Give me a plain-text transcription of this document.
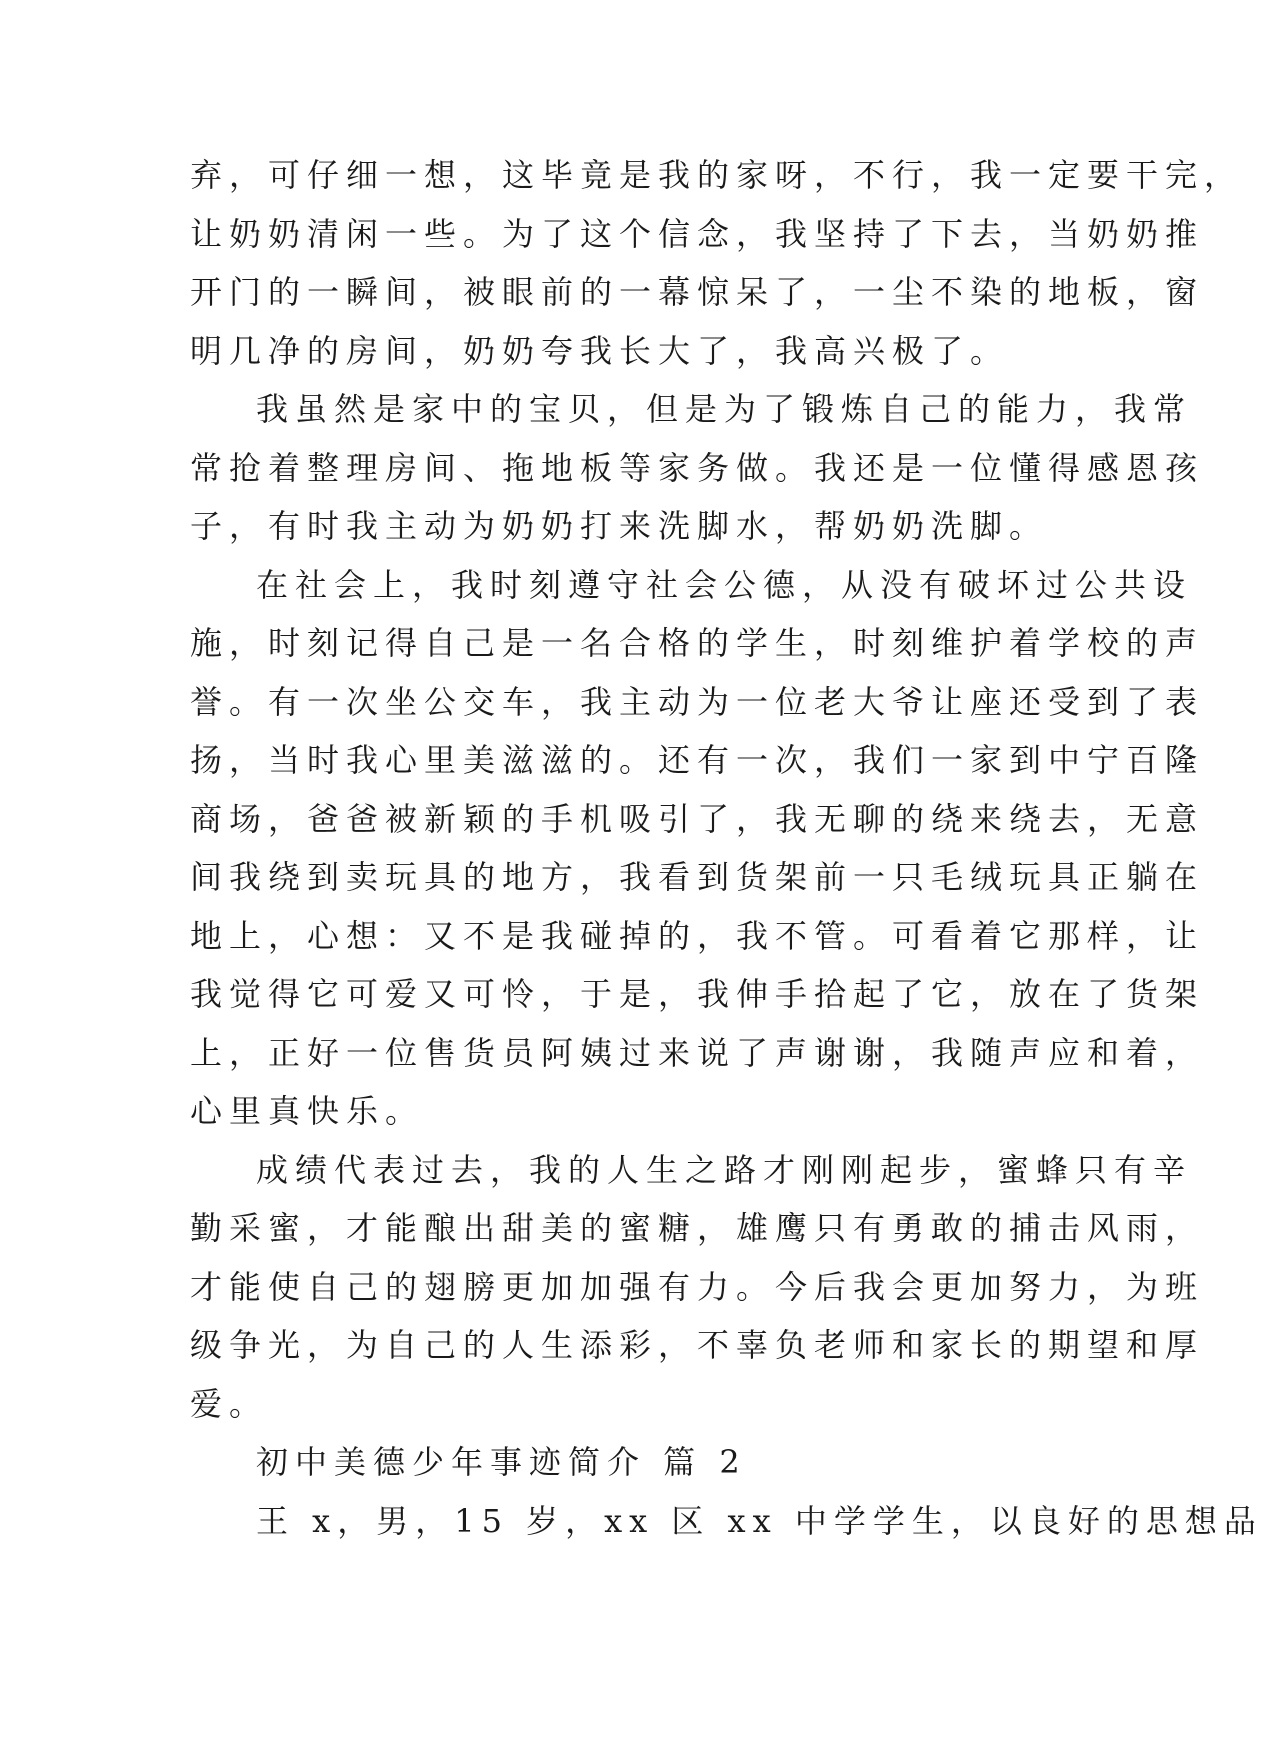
弃，可仔细一想，这毕竟是我的家呀，不行，我一定要干完，
让奶奶清闲一些。为了这个信念，我坚持了下去，当奶奶推
开门的一瞬间，被眼前的一幕惊呆了，一尘不染的地板，窗
明几净的房间，奶奶夸我长大了，我高兴极了。
我虽然是家中的宝贝，但是为了锻炼自己的能力，我常
常抢着整理房间、拖地板等家务做。我还是一位懂得感恩孩
子，有时我主动为奶奶打来洗脚水，帮奶奶洗脚。
在社会上，我时刻遵守社会公德，从没有破坏过公共设
施，时刻记得自己是一名合格的学生，时刻维护着学校的声
誉。有一次坐公交车，我主动为一位老大爷让座还受到了表
扬，当时我心里美滋滋的。还有一次，我们一家到中宁百隆
商场，爸爸被新颖的手机吸引了，我无聊的绕来绕去，无意
间我绕到卖玩具的地方，我看到货架前一只毛绒玩具正躺在
地上，心想：又不是我碰掉的，我不管。可看着它那样，让
我觉得它可爱又可怜，于是，我伸手拾起了它，放在了货架
上，正好一位售货员阿姨过来说了声谢谢，我随声应和着，
心里真快乐。
成绩代表过去，我的人生之路才刚刚起步，蜜蜂只有辛
勤采蜜，才能酿出甜美的蜜糖，雄鹰只有勇敢的捕击风雨，
才能使自己的翅膀更加加强有力。今后我会更加努力，为班
级争光，为自己的人生添彩，不辜负老师和家长的期望和厚
爱。
初中美德少年事迹简介 篇 2
王 x，男，15 岁，xx 区 xx 中学学生，以良好的思想品
